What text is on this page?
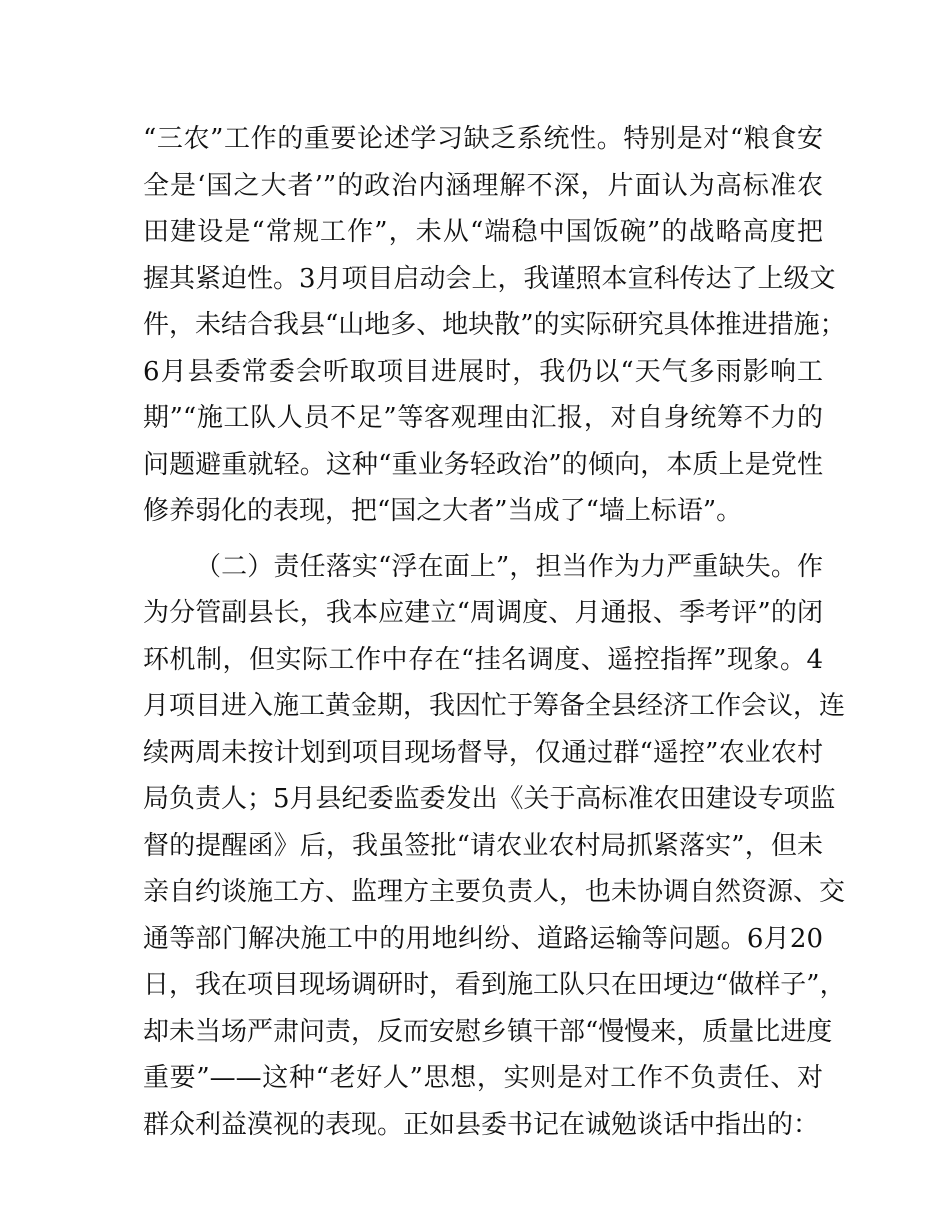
“三农”工作的重要论述学习缺乏系统性。特别是对“粮食安
全是‘国之大者’”的政治内涵理解不深，片面认为高标准农
田建设是“常规工作”，未从“端稳中国饭碗”的战略高度把
握其紧迫性。3月项目启动会上，我谨照本宣科传达了上级文
件，未结合我县“山地多、地块散”的实际研究具体推进措施；
6月县委常委会听取项目进展时，我仍以“天气多雨影响工
期”“施工队人员不足”等客观理由汇报，对自身统筹不力的
问题避重就轻。这种“重业务轻政治”的倾向，本质上是党性
修养弱化的表现，把“国之大者”当成了“墙上标语”。
（二）责任落实“浮在面上”，担当作为力严重缺失。作
为分管副县长，我本应建立“周调度、月通报、季考评”的闭
环机制，但实际工作中存在“挂名调度、遥控指挥”现象。4
月项目进入施工黄金期，我因忙于筹备全县经济工作会议，连
续两周未按计划到项目现场督导，仅通过群“遥控”农业农村
局负责人；5月县纪委监委发出《关于高标准农田建设专项监
督的提醒函》后，我虽签批“请农业农村局抓紧落实”，但未
亲自约谈施工方、监理方主要负责人，也未协调自然资源、交
通等部门解决施工中的用地纠纷、道路运输等问题。6月20
日，我在项目现场调研时，看到施工队只在田埂边“做样子”，
却未当场严肃问责，反而安慰乡镇干部“慢慢来，质量比进度
重要”——这种“老好人”思想，实则是对工作不负责任、对
群众利益漠视的表现。正如县委书记在诚勉谈话中指出的：
